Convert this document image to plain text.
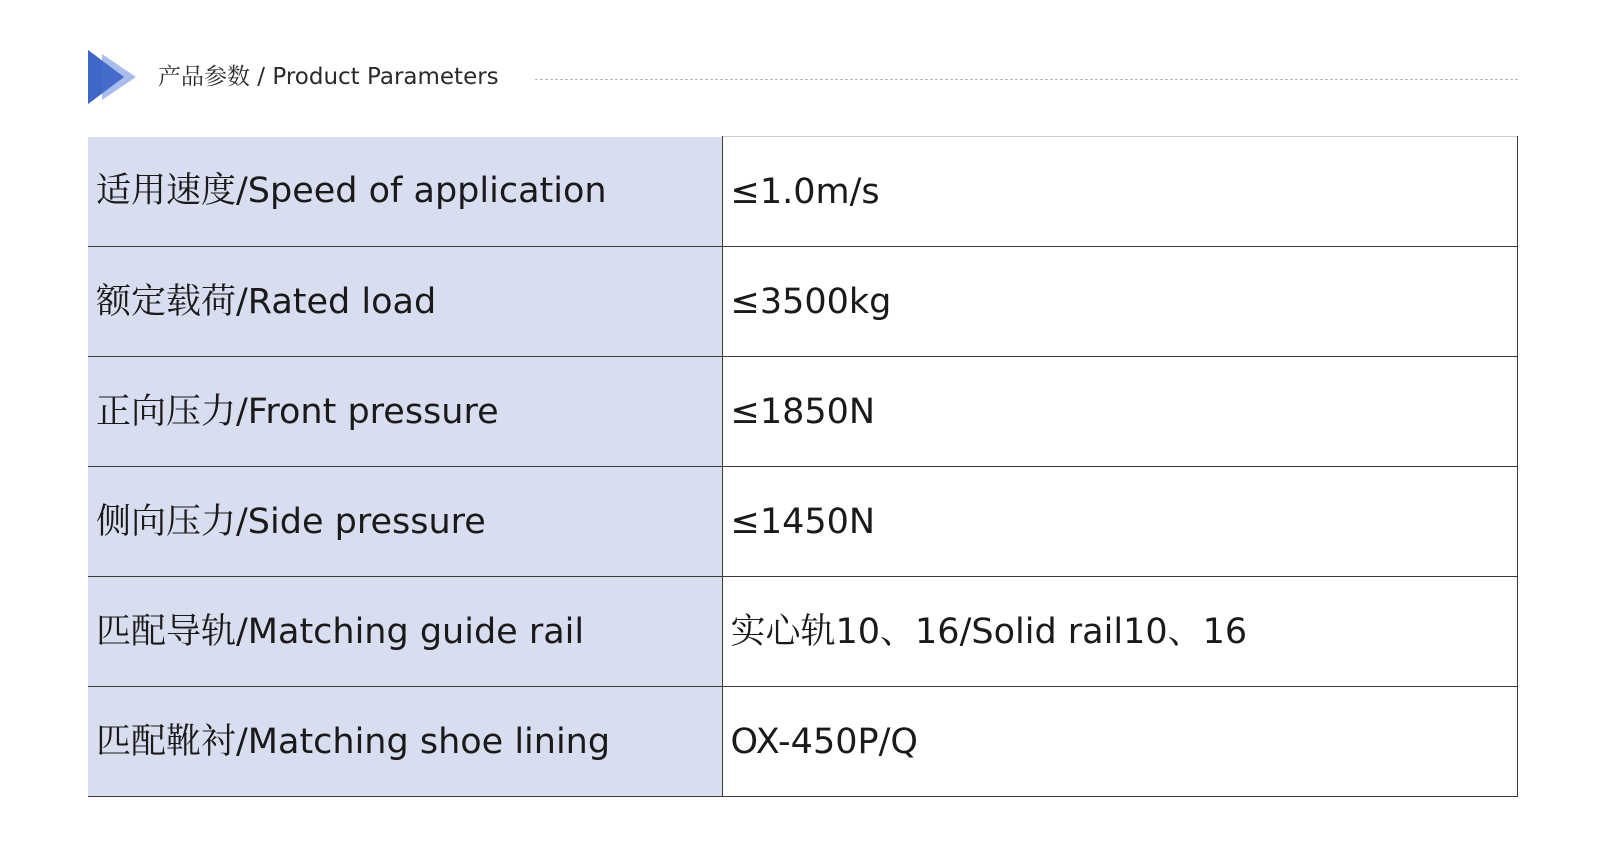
产品参数 / Product Parameters
适用速度/Speed of application	≤1.0m/s
额定载荷/Rated load	≤3500kg
正向压力/Front pressure	≤1850N
侧向压力/Side pressure	≤1450N
匹配导轨/Matching guide rail	实心轨10、16/Solid rail10、16
匹配靴衬/Matching shoe lining	OX-450P/Q
